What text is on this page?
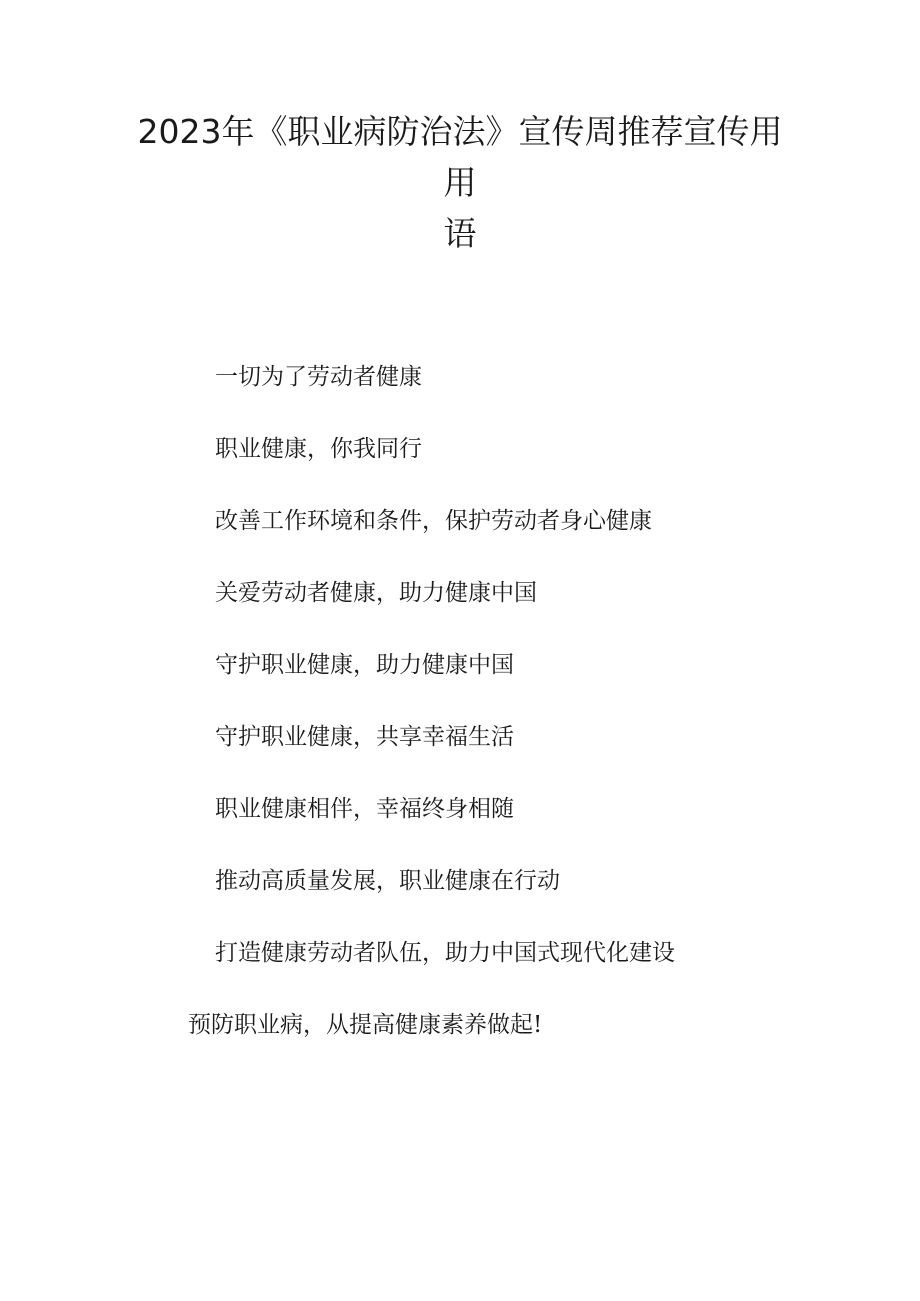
2023年《职业病防治法》宣传周推荐宣传用
用
语
一切为了劳动者健康
职业健康，你我同行
改善工作环境和条件，保护劳动者身心健康
关爱劳动者健康，助力健康中国
守护职业健康，助力健康中国
守护职业健康，共享幸福生活
职业健康相伴，幸福终身相随
推动高质量发展，职业健康在行动
打造健康劳动者队伍，助力中国式现代化建设
预防职业病，从提高健康素养做起!
